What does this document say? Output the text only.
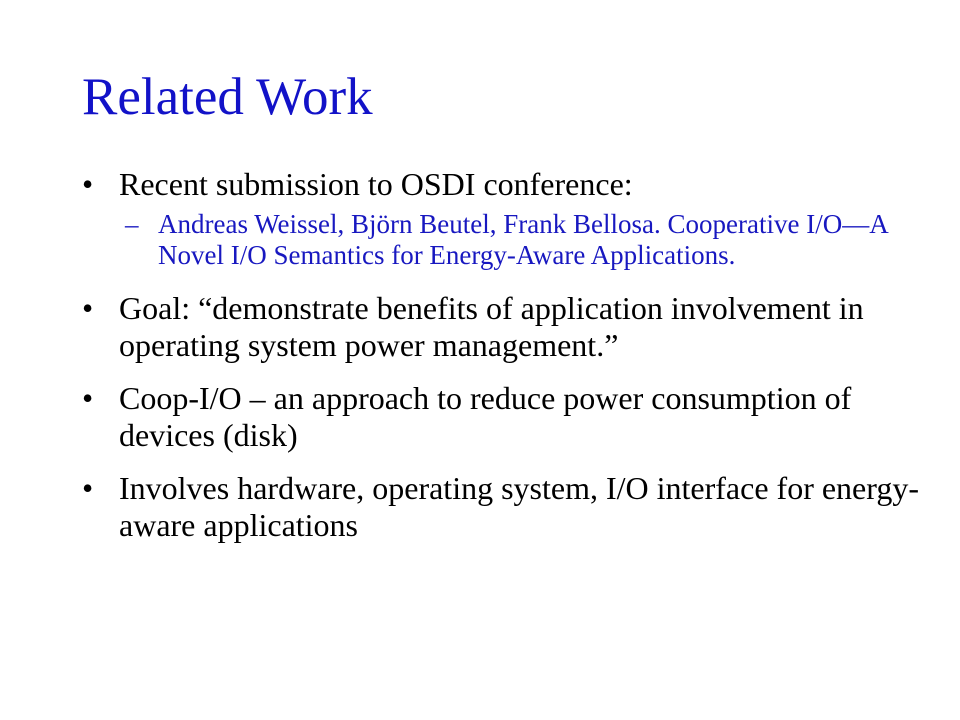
Related Work
• Recent submission to OSDI conference:
– Andreas Weissel, Björn Beutel, Frank Bellosa. Cooperative I/O—A Novel I/O Semantics for Energy-Aware Applications.
• Goal: “demonstrate benefits of application involvement in operating system power management.”
• Coop-I/O – an approach to reduce power consumption of devices (disk)
• Involves hardware, operating system, I/O interface for energy-aware applications
